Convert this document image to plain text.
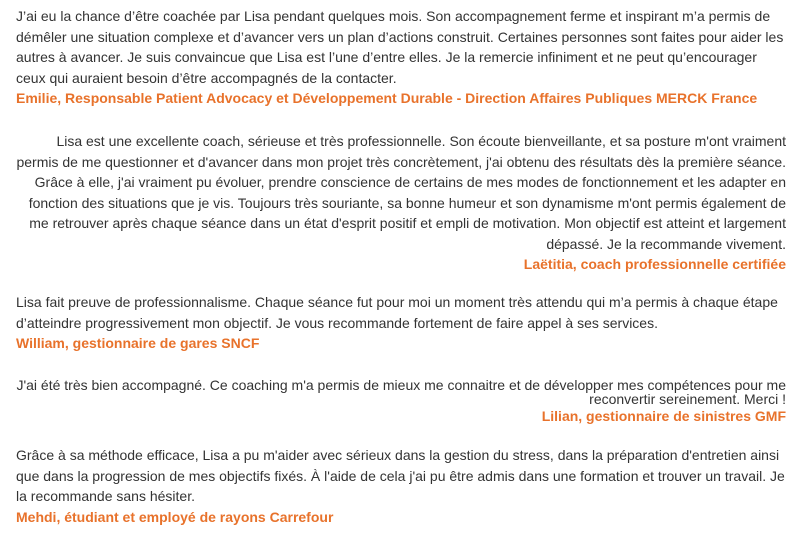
J’ai eu la chance d’être coachée par Lisa pendant quelques mois. Son accompagnement ferme et inspirant m’a permis de démêler une situation complexe et d’avancer vers un plan d’actions construit. Certaines personnes sont faites pour aider les autres à avancer. Je suis convaincue que Lisa est l’une d’entre elles. Je la remercie infiniment et ne peut qu’encourager ceux qui auraient besoin d’être accompagnés de la contacter.

Emilie, Responsable Patient Advocacy et Développement Durable - Direction Affaires Publiques MERCK France

Lisa est une excellente coach, sérieuse et très professionnelle. Son écoute bienveillante, et sa posture m'ont vraiment permis de me questionner et d'avancer dans mon projet très concrètement, j'ai obtenu des résultats dès la première séance. Grâce à elle, j'ai vraiment pu évoluer, prendre conscience de certains de mes modes de fonctionnement et les adapter en fonction des situations que je vis. Toujours très souriante, sa bonne humeur et son dynamisme m'ont permis également de me retrouver après chaque séance dans un état d'esprit positif et empli de motivation. Mon objectif est atteint et largement dépassé. Je la recommande vivement.

Laëtitia, coach professionnelle certifiée

Lisa fait preuve de professionnalisme. Chaque séance fut pour moi un moment très attendu qui m’a permis à chaque étape d’atteindre progressivement mon objectif. Je vous recommande fortement de faire appel à ses services.

William, gestionnaire de gares SNCF

J'ai été très bien accompagné. Ce coaching m'a permis de mieux me connaitre et de développer mes compétences pour me reconvertir sereinement. Merci !

Lilian, gestionnaire de sinistres GMF

Grâce à sa méthode efficace, Lisa a pu m'aider avec sérieux dans la gestion du stress, dans la préparation d'entretien ainsi que dans la progression de mes objectifs fixés. À l'aide de cela j'ai pu être admis dans une formation et trouver un travail. Je la recommande sans hésiter.

Mehdi, étudiant et employé de rayons Carrefour
